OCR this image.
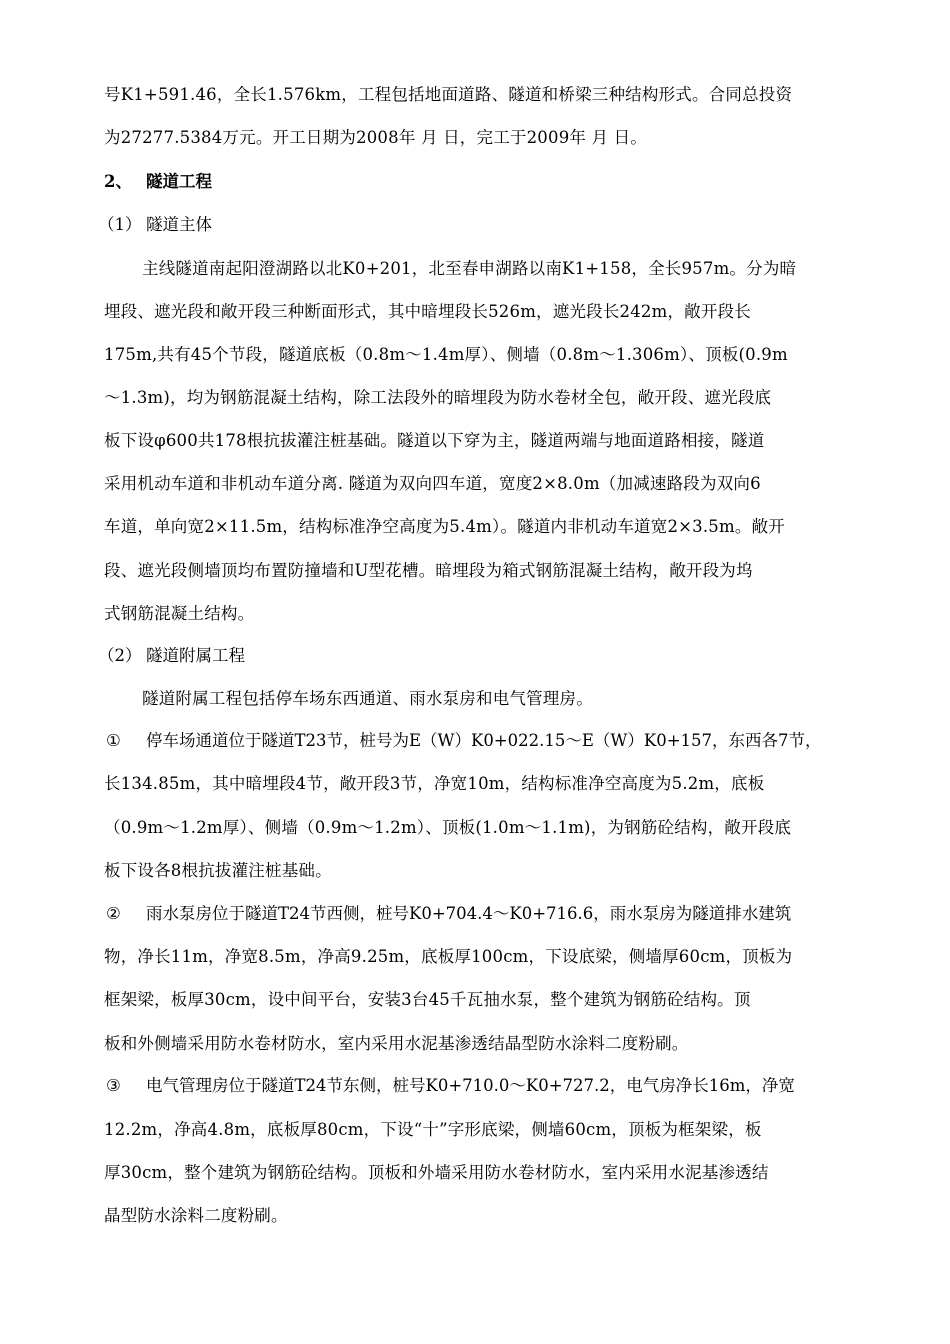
号K1+591.46，全长1.576km，工程包括地面道路、隧道和桥梁三种结构形式。合同总投资
为27277.5384万元。开工日期为2008年 月 日，完工于2009年 月 日。
2、 隧道工程
（1） 隧道主体
主线隧道南起阳澄湖路以北K0+201，北至春申湖路以南K1+158，全长957m。分为暗
埋段、遮光段和敞开段三种断面形式，其中暗埋段长526m，遮光段长242m，敞开段长
175m,共有45个节段，隧道底板（0.8m～1.4m厚）、侧墙（0.8m～1.306m）、顶板(0.9m
～1.3m)，均为钢筋混凝土结构，除工法段外的暗埋段为防水卷材全包，敞开段、遮光段底
板下设φ600共178根抗拔灌注桩基础。隧道以下穿为主，隧道两端与地面道路相接，隧道
采用机动车道和非机动车道分离. 隧道为双向四车道，宽度2×8.0m（加减速路段为双向6
车道，单向宽2×11.5m，结构标准净空高度为5.4m）。隧道内非机动车道宽2×3.5m。敞开
段、遮光段侧墙顶均布置防撞墙和U型花槽。暗埋段为箱式钢筋混凝土结构，敞开段为坞
式钢筋混凝土结构。
（2） 隧道附属工程
隧道附属工程包括停车场东西通道、雨水泵房和电气管理房。
① 停车场通道位于隧道T23节，桩号为E（W）K0+022.15～E（W）K0+157，东西各7节，
长134.85m，其中暗埋段4节，敞开段3节，净宽10m，结构标准净空高度为5.2m，底板
（0.9m～1.2m厚）、侧墙（0.9m～1.2m）、顶板(1.0m～1.1m)，为钢筋砼结构，敞开段底
板下设各8根抗拔灌注桩基础。
② 雨水泵房位于隧道T24节西侧，桩号K0+704.4～K0+716.6，雨水泵房为隧道排水建筑
物，净长11m，净宽8.5m，净高9.25m，底板厚100cm，下设底梁，侧墙厚60cm，顶板为
框架梁，板厚30cm，设中间平台，安装3台45千瓦抽水泵，整个建筑为钢筋砼结构。顶
板和外侧墙采用防水卷材防水，室内采用水泥基渗透结晶型防水涂料二度粉刷。
③ 电气管理房位于隧道T24节东侧，桩号K0+710.0～K0+727.2，电气房净长16m，净宽
12.2m，净高4.8m，底板厚80cm，下设“十”字形底梁，侧墙60cm，顶板为框架梁，板
厚30cm，整个建筑为钢筋砼结构。顶板和外墙采用防水卷材防水，室内采用水泥基渗透结
晶型防水涂料二度粉刷。
